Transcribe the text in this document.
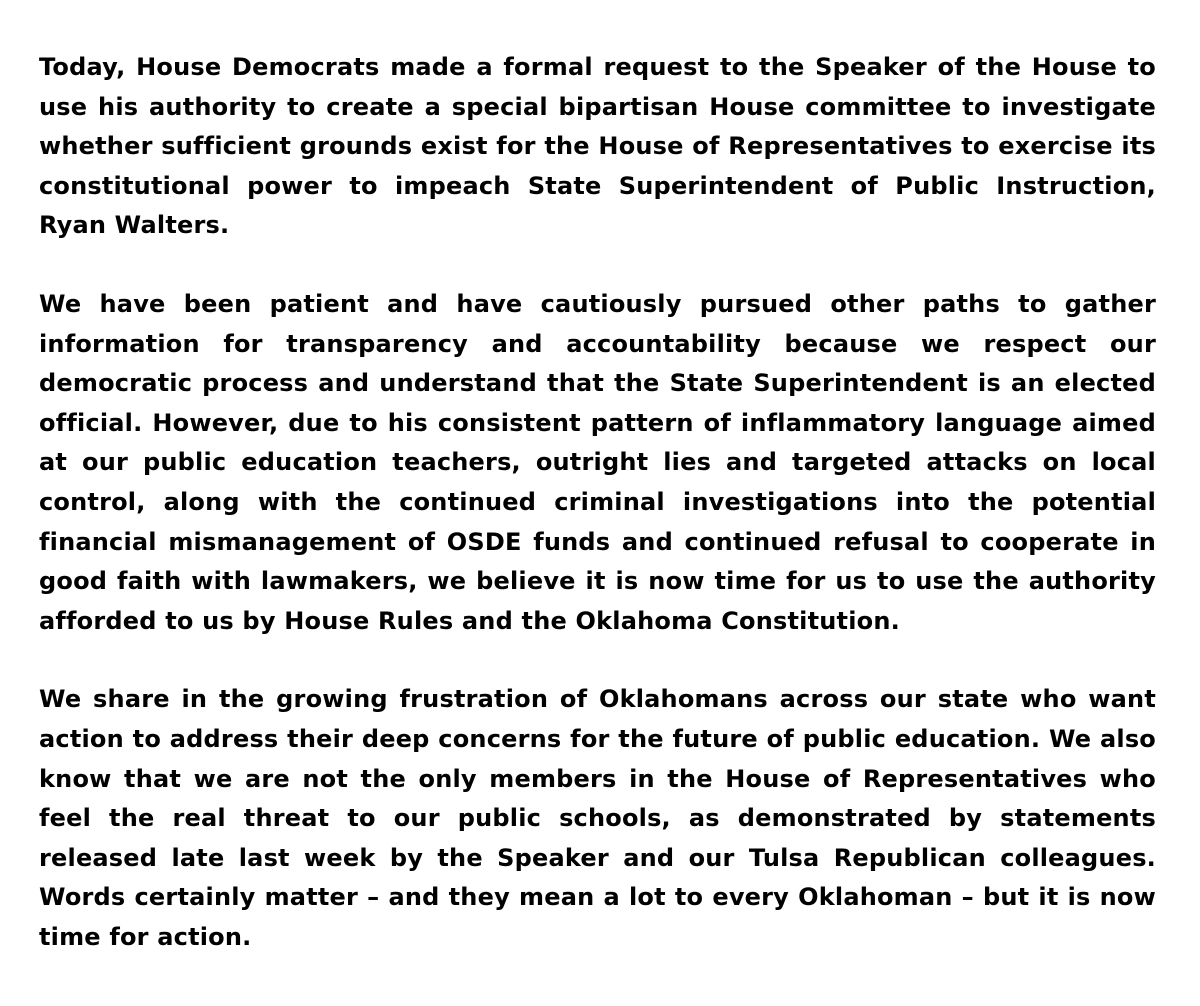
Today, House Democrats made a formal request to the Speaker of the House to use his authority to create a special bipartisan House committee to investigate whether sufficient grounds exist for the House of Representatives to exercise its constitutional power to impeach State Superintendent of Public Instruction, Ryan Walters.

We have been patient and have cautiously pursued other paths to gather information for transparency and accountability because we respect our democratic process and understand that the State Superintendent is an elected official. However, due to his consistent pattern of inflammatory language aimed at our public education teachers, outright lies and targeted attacks on local control, along with the continued criminal investigations into the potential financial mismanagement of OSDE funds and continued refusal to cooperate in good faith with lawmakers, we believe it is now time for us to use the authority afforded to us by House Rules and the Oklahoma Constitution.

We share in the growing frustration of Oklahomans across our state who want action to address their deep concerns for the future of public education. We also know that we are not the only members in the House of Representatives who feel the real threat to our public schools, as demonstrated by statements released late last week by the Speaker and our Tulsa Republican colleagues. Words certainly matter – and they mean a lot to every Oklahoman – but it is now time for action.
